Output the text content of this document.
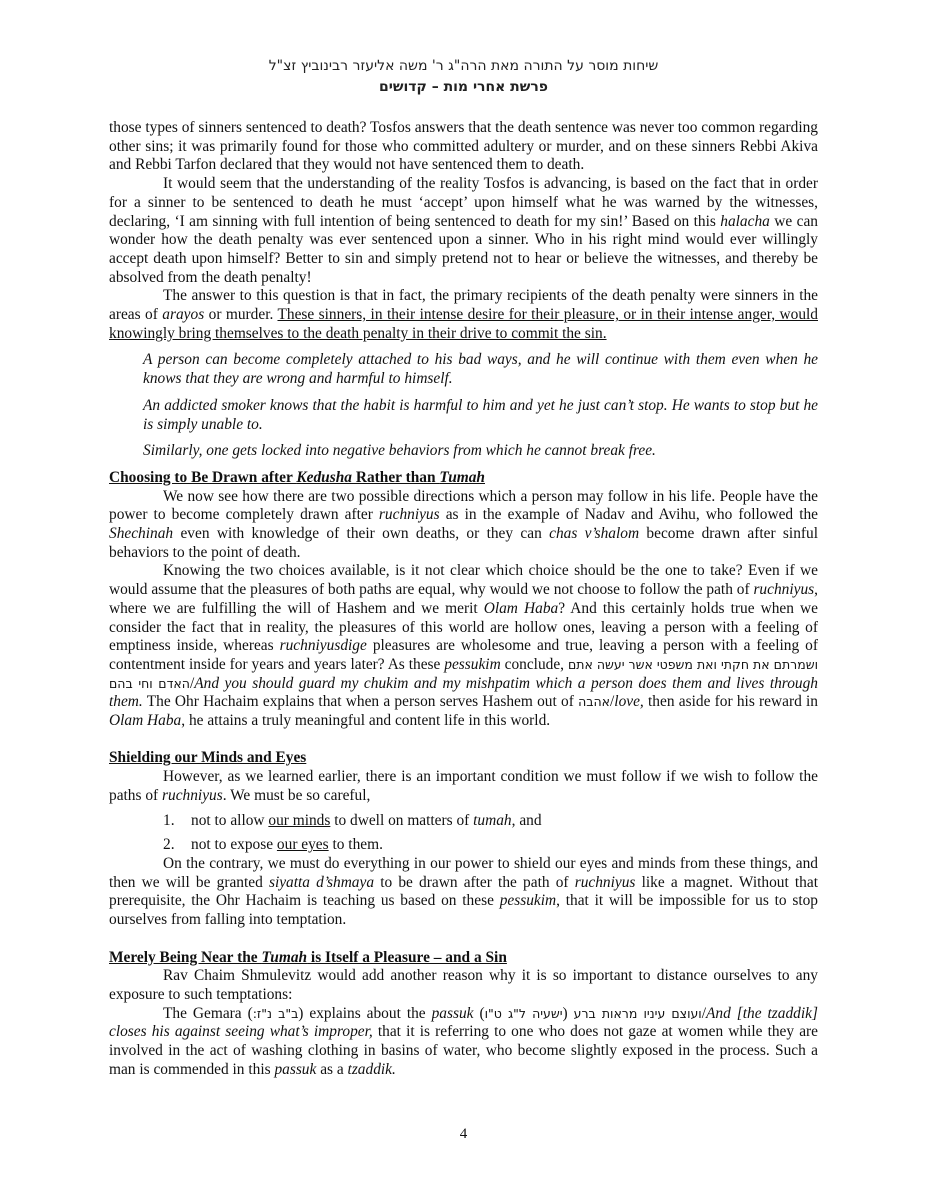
שיחות מוסר על התורה מאת הרה"ג ר' משה אליעזר רבינוביץ זצ"ל
פרשת אחרי מות – קדושים
those types of sinners sentenced to death? Tosfos answers that the death sentence was never too common regarding other sins; it was primarily found for those who committed adultery or murder, and on these sinners Rebbi Akiva and Rebbi Tarfon declared that they would not have sentenced them to death.
It would seem that the understanding of the reality Tosfos is advancing, is based on the fact that in order for a sinner to be sentenced to death he must ‘accept’ upon himself what he was warned by the witnesses, declaring, ‘I am sinning with full intention of being sentenced to death for my sin!’ Based on this halacha we can wonder how the death penalty was ever sentenced upon a sinner. Who in his right mind would ever willingly accept death upon himself? Better to sin and simply pretend not to hear or believe the witnesses, and thereby be absolved from the death penalty!
The answer to this question is that in fact, the primary recipients of the death penalty were sinners in the areas of arayos or murder. These sinners, in their intense desire for their pleasure, or in their intense anger, would knowingly bring themselves to the death penalty in their drive to commit the sin.
A person can become completely attached to his bad ways, and he will continue with them even when he knows that they are wrong and harmful to himself.
An addicted smoker knows that the habit is harmful to him and yet he just can’t stop. He wants to stop but he is simply unable to.
Similarly, one gets locked into negative behaviors from which he cannot break free.
Choosing to Be Drawn after Kedusha Rather than Tumah
We now see how there are two possible directions which a person may follow in his life. People have the power to become completely drawn after ruchniyus as in the example of Nadav and Avihu, who followed the Shechinah even with knowledge of their own deaths, or they can chas v’shalom become drawn after sinful behaviors to the point of death.
Knowing the two choices available, is it not clear which choice should be the one to take? Even if we would assume that the pleasures of both paths are equal, why would we not choose to follow the path of ruchniyus, where we are fulfilling the will of Hashem and we merit Olam Haba? And this certainly holds true when we consider the fact that in reality, the pleasures of this world are hollow ones, leaving a person with a feeling of emptiness inside, whereas ruchniyusdige pleasures are wholesome and true, leaving a person with a feeling of contentment inside for years and years later? As these pessukim conclude, ושמרתם את חקתי ואת משפטי אשר יעשה אתם האדם וחי בהם/And you should guard my chukim and my mishpatim which a person does them and lives through them. The Ohr Hachaim explains that when a person serves Hashem out of אהבה/love, then aside for his reward in Olam Haba, he attains a truly meaningful and content life in this world.
Shielding our Minds and Eyes
However, as we learned earlier, there is an important condition we must follow if we wish to follow the paths of ruchniyus. We must be so careful,
1.	not to allow our minds to dwell on matters of tumah, and
2.	not to expose our eyes to them.
On the contrary, we must do everything in our power to shield our eyes and minds from these things, and then we will be granted siyatta d’shmaya to be drawn after the path of ruchniyus like a magnet. Without that prerequisite, the Ohr Hachaim is teaching us based on these pessukim, that it will be impossible for us to stop ourselves from falling into temptation.
Merely Being Near the Tumah is Itself a Pleasure – and a Sin
Rav Chaim Shmulevitz would add another reason why it is so important to distance ourselves to any exposure to such temptations:
The Gemara (ב"ב נ"ז:) explains about the passuk (ישעיה ל"ג ט"ו) ועוצם עיניו מראות ברע/And [the tzaddik] closes his against seeing what’s improper, that it is referring to one who does not gaze at women while they are involved in the act of washing clothing in basins of water, who become slightly exposed in the process. Such a man is commended in this passuk as a tzaddik.
4
